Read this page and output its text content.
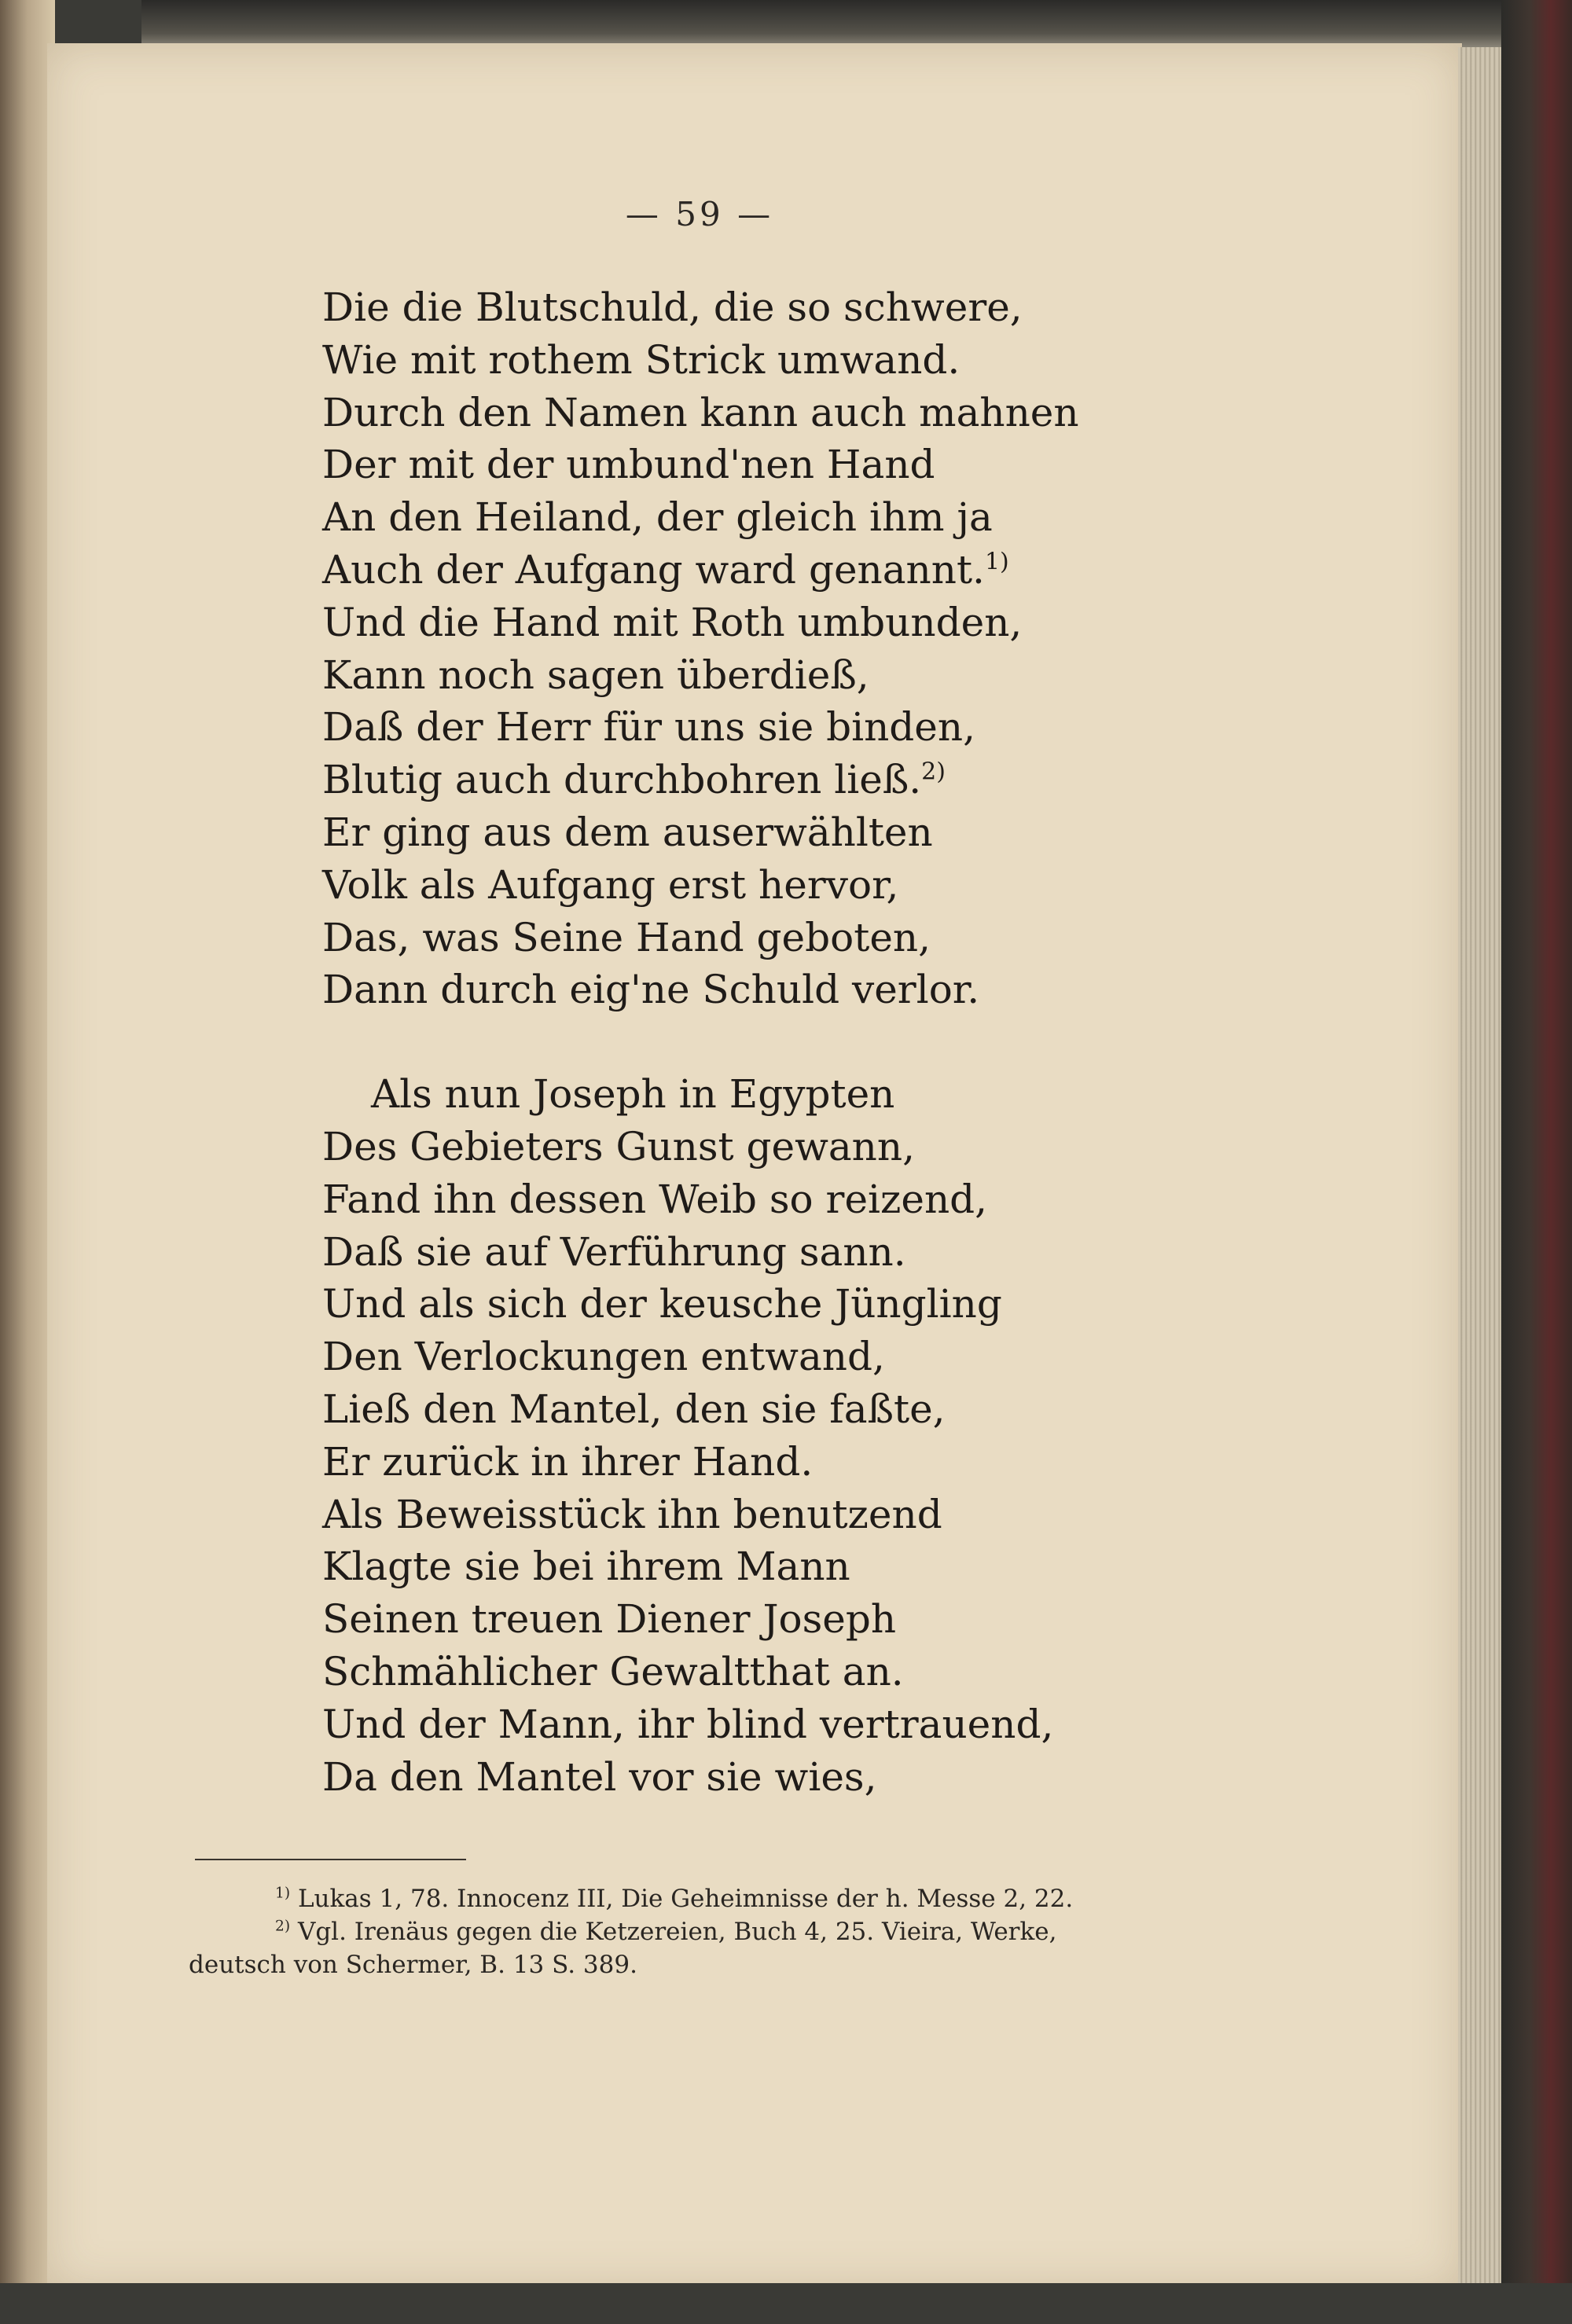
— 59 —
Die die Blutschuld, die so schwere,
Wie mit rothem Strick umwand.
Durch den Namen kann auch mahnen
Der mit der umbund'nen Hand
An den Heiland, der gleich ihm ja
Auch der Aufgang ward genannt.$^{1)}$
Und die Hand mit Roth umbunden,
Kann noch sagen überdieß,
Daß der Herr für uns sie binden,
Blutig auch durchbohren ließ.$^{2)}$
Er ging aus dem auserwählten
Volk als Aufgang erst hervor,
Das, was Seine Hand geboten,
Dann durch eig'ne Schuld verlor.
Als nun Joseph in Egypten
Des Gebieters Gunst gewann,
Fand ihn dessen Weib so reizend,
Daß sie auf Verführung sann.
Und als sich der keusche Jüngling
Den Verlockungen entwand,
Ließ den Mantel, den sie faßte,
Er zurück in ihrer Hand.
Als Beweisstück ihn benutzend
Klagte sie bei ihrem Mann
Seinen treuen Diener Joseph
Schmählicher Gewaltthat an.
Und der Mann, ihr blind vertrauend,
Da den Mantel vor sie wies,
$^{1)}$ Lukas 1, 78. Innocenz III, Die Geheimnisse der h. Messe 2, 22.
$^{2)}$ Vgl. Irenäus gegen die Ketzereien, Buch 4, 25. Vieira, Werke,
deutsch von Schermer, B. 13 S. 389.
